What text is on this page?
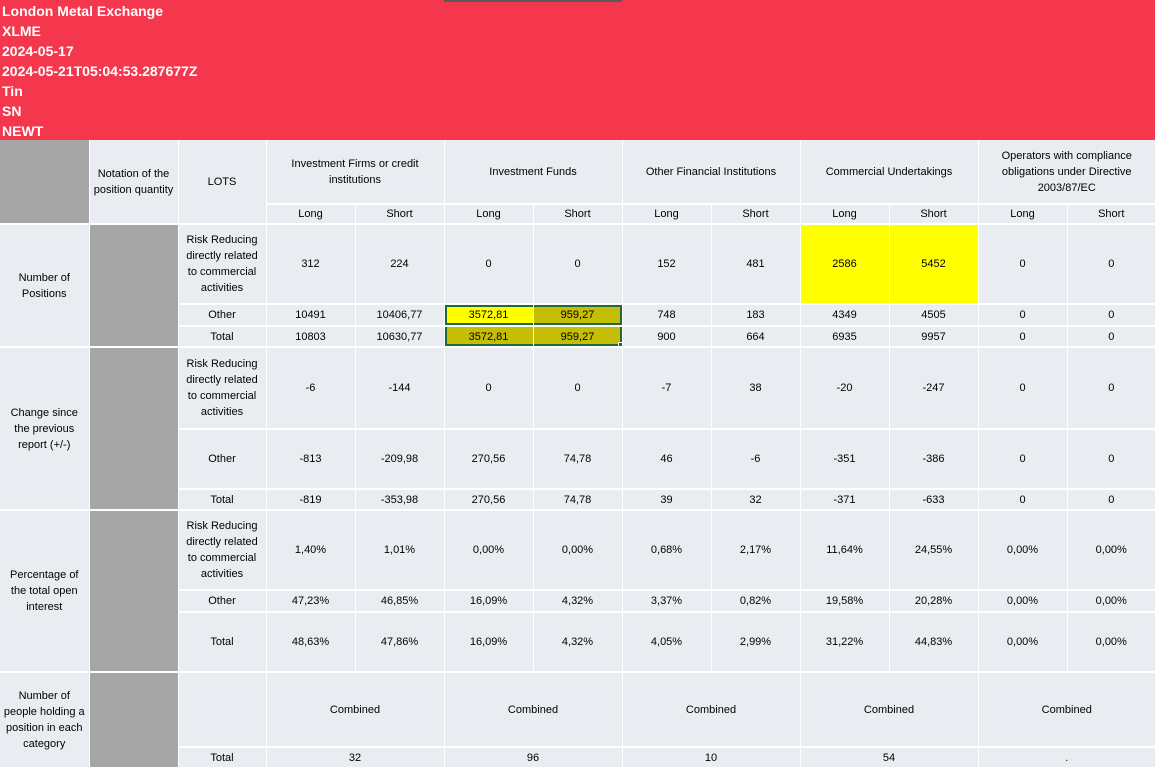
London Metal Exchange
XLME
2024-05-17
2024-05-21T05:04:53.287677Z
Tin
SN
NEWT
	Notation of the position quantity	LOTS	Investment Firms or credit institutions		Investment Funds		Other Financial Institutions		Commercial Undertakings		Operators with compliance obligations under Directive 2003/87/EC	
			Long	Short	Long	Short	Long	Short	Long	Short	Long	Short
Number of Positions		Risk Reducing directly related to commercial activities	312	224	0	0	152	481	2586	5452	0	0
		Other	10491	10406,77	3572,81	959,27	748	183	4349	4505	0	0
		Total	10803	10630,77	3572,81	959,27	900	664	6935	9957	0	0
Change since the previous report (+/-)		Risk Reducing directly related to commercial activities	-6	-144	0	0	-7	38	-20	-247	0	0
		Other	-813	-209,98	270,56	74,78	46	-6	-351	-386	0	0
		Total	-819	-353,98	270,56	74,78	39	32	-371	-633	0	0
Percentage of the total open interest		Risk Reducing directly related to commercial activities	1,40%	1,01%	0,00%	0,00%	0,68%	2,17%	11,64%	24,55%	0,00%	0,00%
		Other	47,23%	46,85%	16,09%	4,32%	3,37%	0,82%	19,58%	20,28%	0,00%	0,00%
		Total	48,63%	47,86%	16,09%	4,32%	4,05%	2,99%	31,22%	44,83%	0,00%	0,00%
Number of people holding a position in each category			Combined		Combined		Combined		Combined		Combined	
		Total	32		96		10		54		.	
